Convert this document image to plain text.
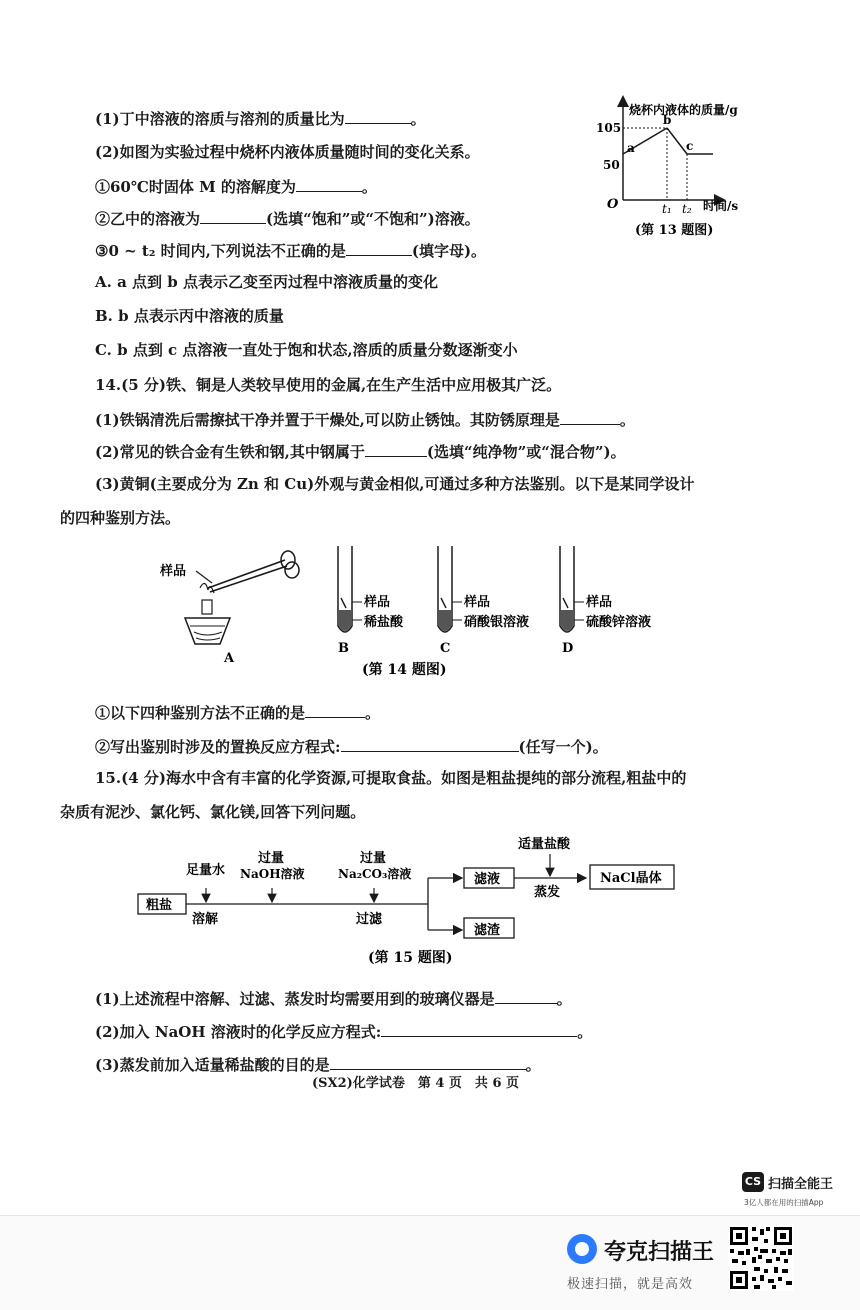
(1)丁中溶液的溶质与溶剂的质量比为	。
(2)如图为实验过程中烧杯内液体质量随时间的变化关系。
①60℃时固体 M 的溶解度为	。
②乙中的溶液为	(选填“饱和”或“不饱和”)溶液。
③0 ~ t₂ 时间内,下列说法不正确的是	(填字母)。
A. a 点到 b 点表示乙变至丙过程中溶液质量的变化
B. b 点表示丙中溶液的质量
C. b 点到 c 点溶液一直处于饱和状态,溶质的质量分数逐渐变小
烧杯内液体的质量/g
时间/s
O
105
50
t₁ t₂
a
b
c
(第 13 题图)
14.(5 分)铁、铜是人类较早使用的金属,在生产生活中应用极其广泛。
(1)铁锅清洗后需擦拭干净并置于干燥处,可以防止锈蚀。其防锈原理是	。
(2)常见的铁合金有生铁和钢,其中钢属于	(选填“纯净物”或“混合物”)。
(3)黄铜(主要成分为 Zn 和 Cu)外观与黄金相似,可通过多种方法鉴别。以下是某同学设计
的四种鉴别方法。
样品
A
样品
稀盐酸
B
样品
硝酸银溶液
C
样品
硫酸锌溶液
D
(第 14 题图)
①以下四种鉴别方法不正确的是	。
②写出鉴别时涉及的置换反应方程式:	(任写一个)。
15.(4 分)海水中含有丰富的化学资源,可提取食盐。如图是粗盐提纯的部分流程,粗盐中的
杂质有泥沙、氯化钙、氯化镁,回答下列问题。
粗盐
足量水
溶解
过量
NaOH溶液
过量
Na₂CO₃溶液
过滤
滤液
滤渣
适量盐酸
蒸发
NaCl晶体
(第 15 题图)
(1)上述流程中溶解、过滤、蒸发时均需要用到的玻璃仪器是	。
(2)加入 NaOH 溶液时的化学反应方程式:	。
(3)蒸发前加入适量稀盐酸的目的是	。
(SX2)化学试卷　第 4 页　共 6 页
CS 扫描全能王
3亿人都在用的扫描App
夸克扫描王
极速扫描，就是高效
